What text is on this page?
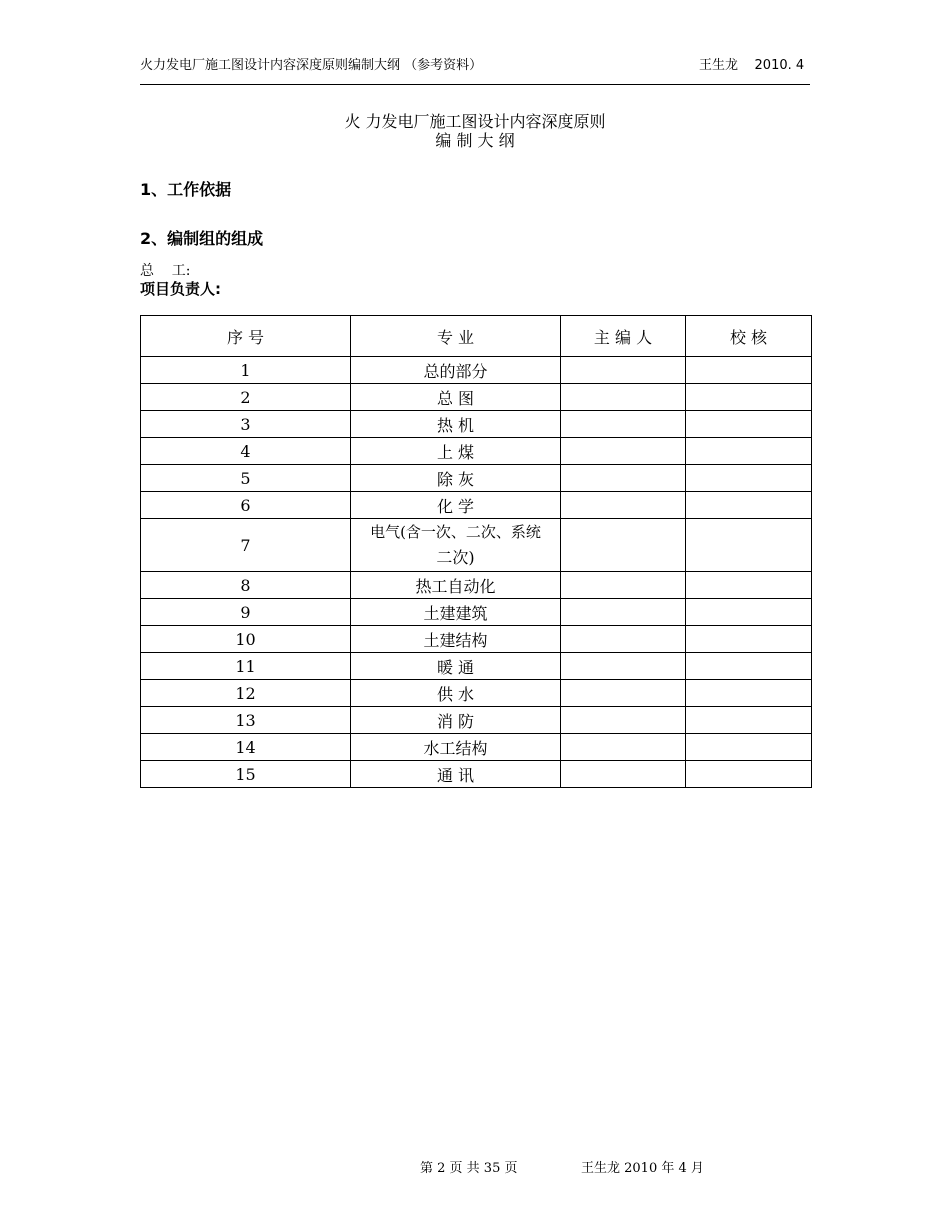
火力发电厂施工图设计内容深度原则编制大纲 （参考资料）	王生龙    2010. 4
火 力发电厂施工图设计内容深度原则
编 制 大 纲
1、工作依据
2、编制组的组成
总    工:
项目负责人:
序 号	专 业	主 编 人	校 核
1	总的部分		
2	总 图		
3	热 机		
4	上 煤		
5	除 灰		
6	化 学		
7	电气(含一次、二次、系统
二次)		

8	热工自动化		
9	土建建筑		
10	土建结构		
11	暖 通		
12	供 水		
13	消 防		
14	水工结构		
15	通 讯		
第 2 页 共 35 页	王生龙 2010 年 4 月
